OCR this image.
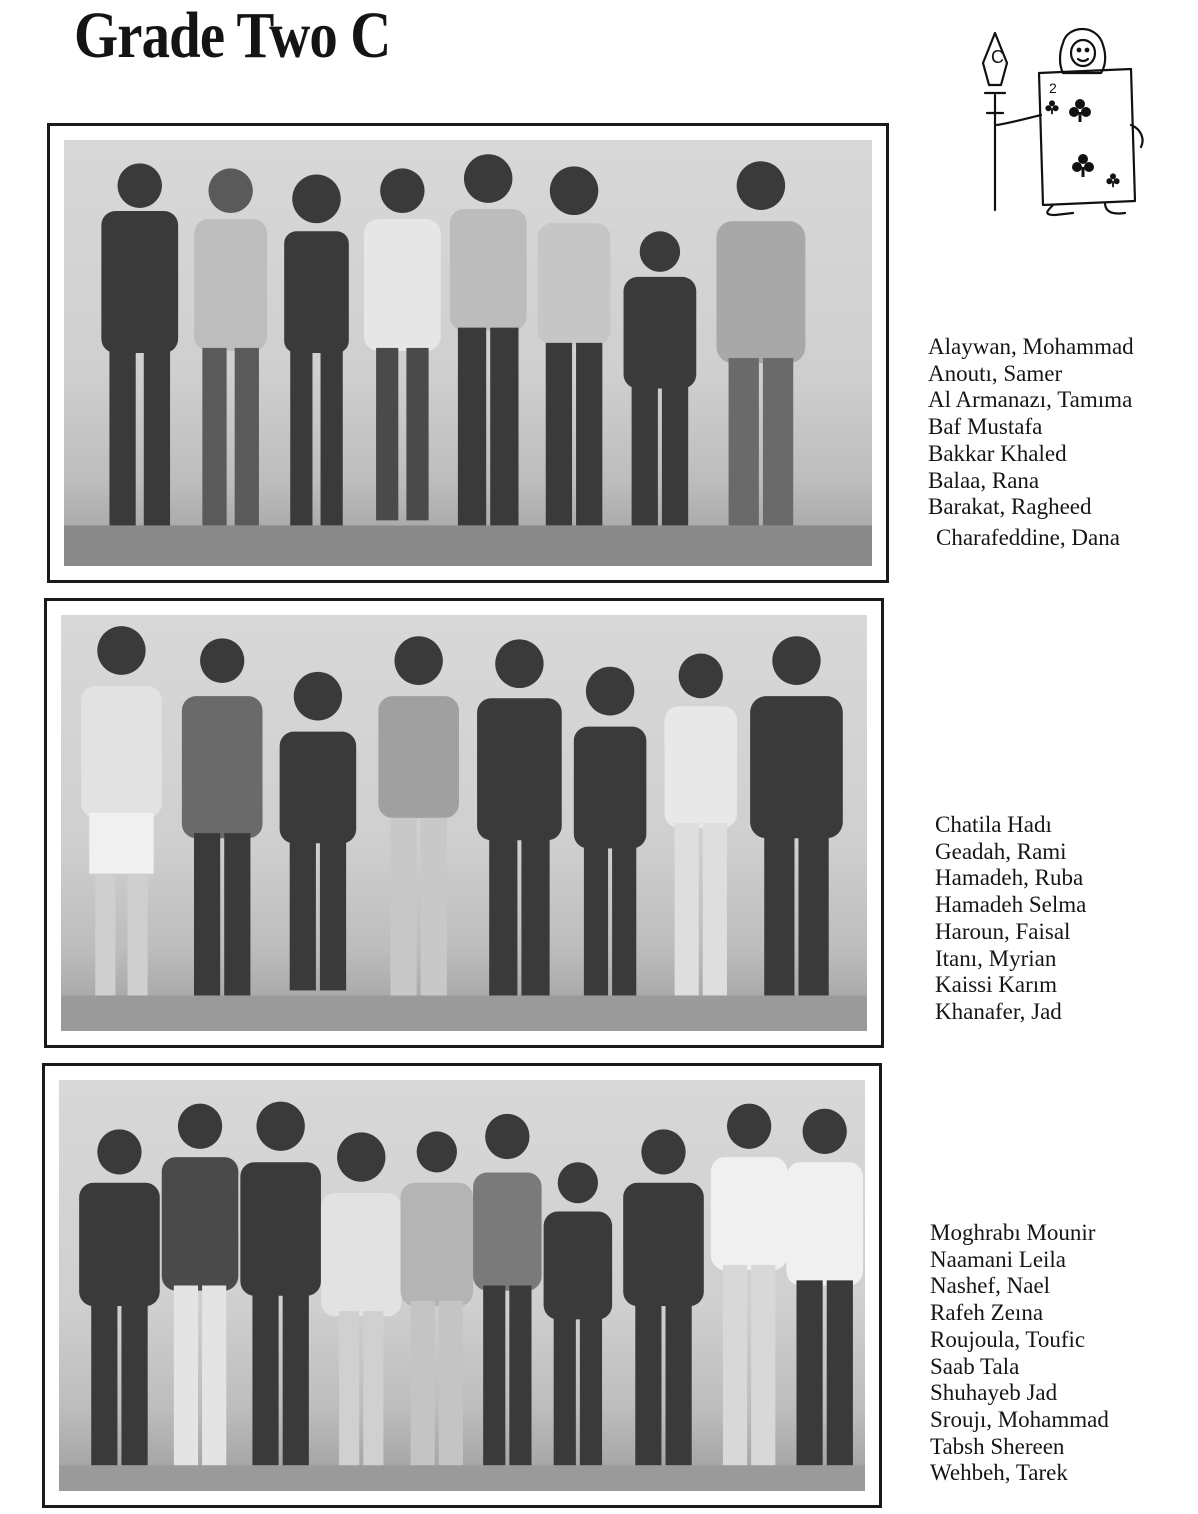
Grade Two C	C
2
Alaywan, Mohammad
Anoutı, Samer
Al Armanazı, Tamıma
Baf Mustafa
Bakkar Khaled
Balaa, Rana
Barakat, Ragheed
Charafeddine, Dana
Chatila Hadı
Geadah, Rami
Hamadeh, Ruba
Hamadeh Selma
Haroun, Faisal
Itanı, Myrian
Kaissi Karım
Khanafer, Jad
Moghrabı Mounir
Naamani Leila
Nashef, Nael
Rafeh Zeına
Roujoula, Toufic
Saab Tala
Shuhayeb Jad
Sroujı, Mohammad
Tabsh Shereen
Wehbeh, Tarek
